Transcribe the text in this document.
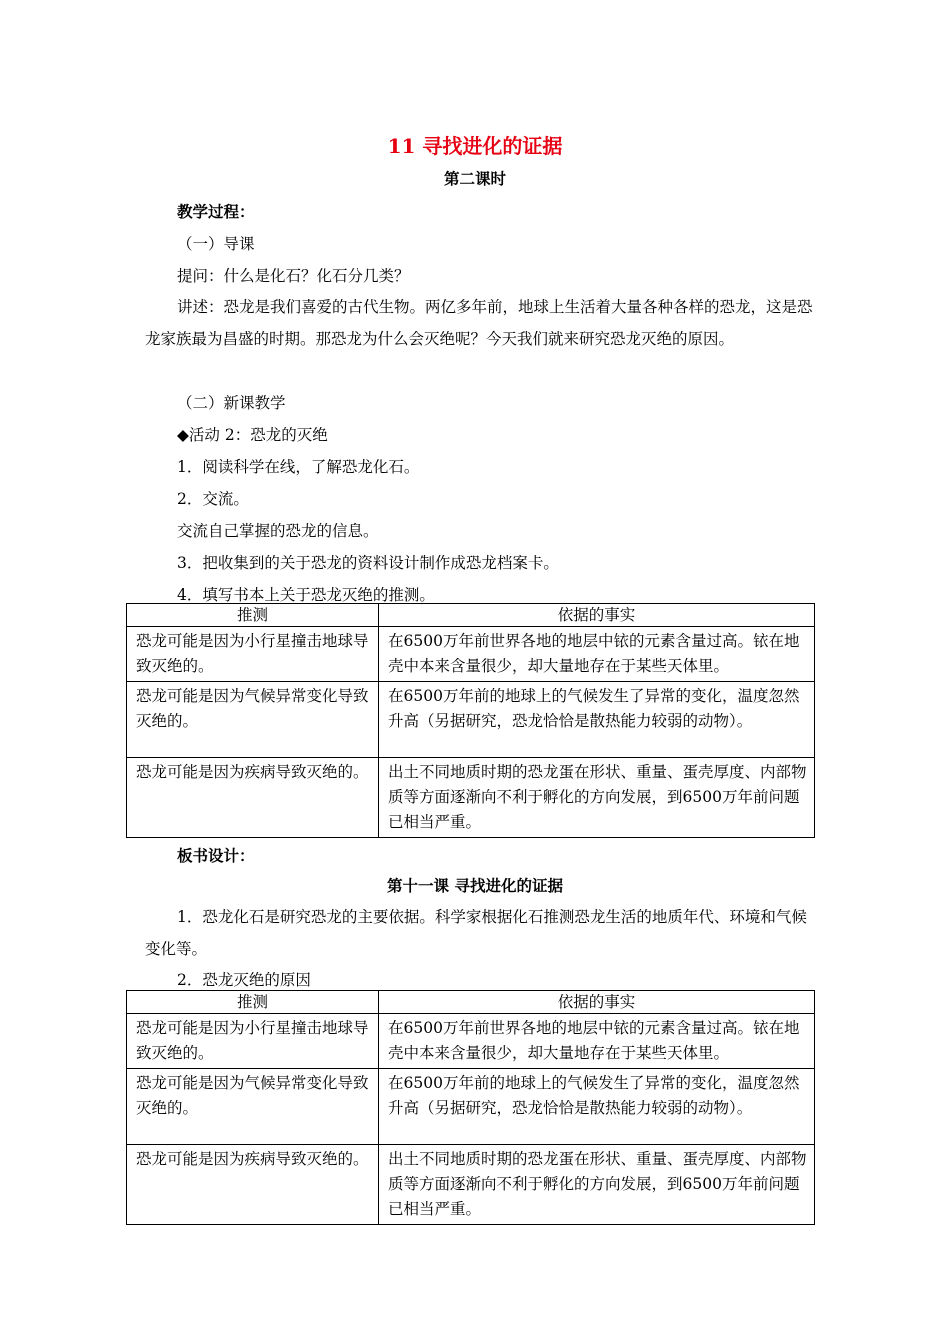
11 寻找进化的证据
第二课时
教学过程：
（一）导课
提问：什么是化石？化石分几类？
讲述：恐龙是我们喜爱的古代生物。两亿多年前，地球上生活着大量各种各样的恐龙，这是恐龙家族最为昌盛的时期。那恐龙为什么会灭绝呢？今天我们就来研究恐龙灭绝的原因。
（二）新课教学
◆活动 2：恐龙的灭绝
1．阅读科学在线，了解恐龙化石。
2．交流。
交流自己掌握的恐龙的信息。
3．把收集到的关于恐龙的资料设计制作成恐龙档案卡。
4．填写书本上关于恐龙灭绝的推测。
推测	依据的事实
恐龙可能是因为小行星撞击地球导致灭绝的。	在6500万年前世界各地的地层中铱的元素含量过高。铱在地壳中本来含量很少，却大量地存在于某些天体里。
恐龙可能是因为气候异常变化导致灭绝的。	在6500万年前的地球上的气候发生了异常的变化，温度忽然升高（另据研究，恐龙恰恰是散热能力较弱的动物）。
恐龙可能是因为疾病导致灭绝的。	出土不同地质时期的恐龙蛋在形状、重量、蛋壳厚度、内部物质等方面逐渐向不利于孵化的方向发展，到6500万年前问题已相当严重。
板书设计：
第十一课 寻找进化的证据
1．恐龙化石是研究恐龙的主要依据。科学家根据化石推测恐龙生活的地质年代、环境和气候变化等。
2．恐龙灭绝的原因
推测	依据的事实
恐龙可能是因为小行星撞击地球导致灭绝的。	在6500万年前世界各地的地层中铱的元素含量过高。铱在地壳中本来含量很少，却大量地存在于某些天体里。
恐龙可能是因为气候异常变化导致灭绝的。	在6500万年前的地球上的气候发生了异常的变化，温度忽然升高（另据研究，恐龙恰恰是散热能力较弱的动物）。
恐龙可能是因为疾病导致灭绝的。	出土不同地质时期的恐龙蛋在形状、重量、蛋壳厚度、内部物质等方面逐渐向不利于孵化的方向发展，到6500万年前问题已相当严重。
